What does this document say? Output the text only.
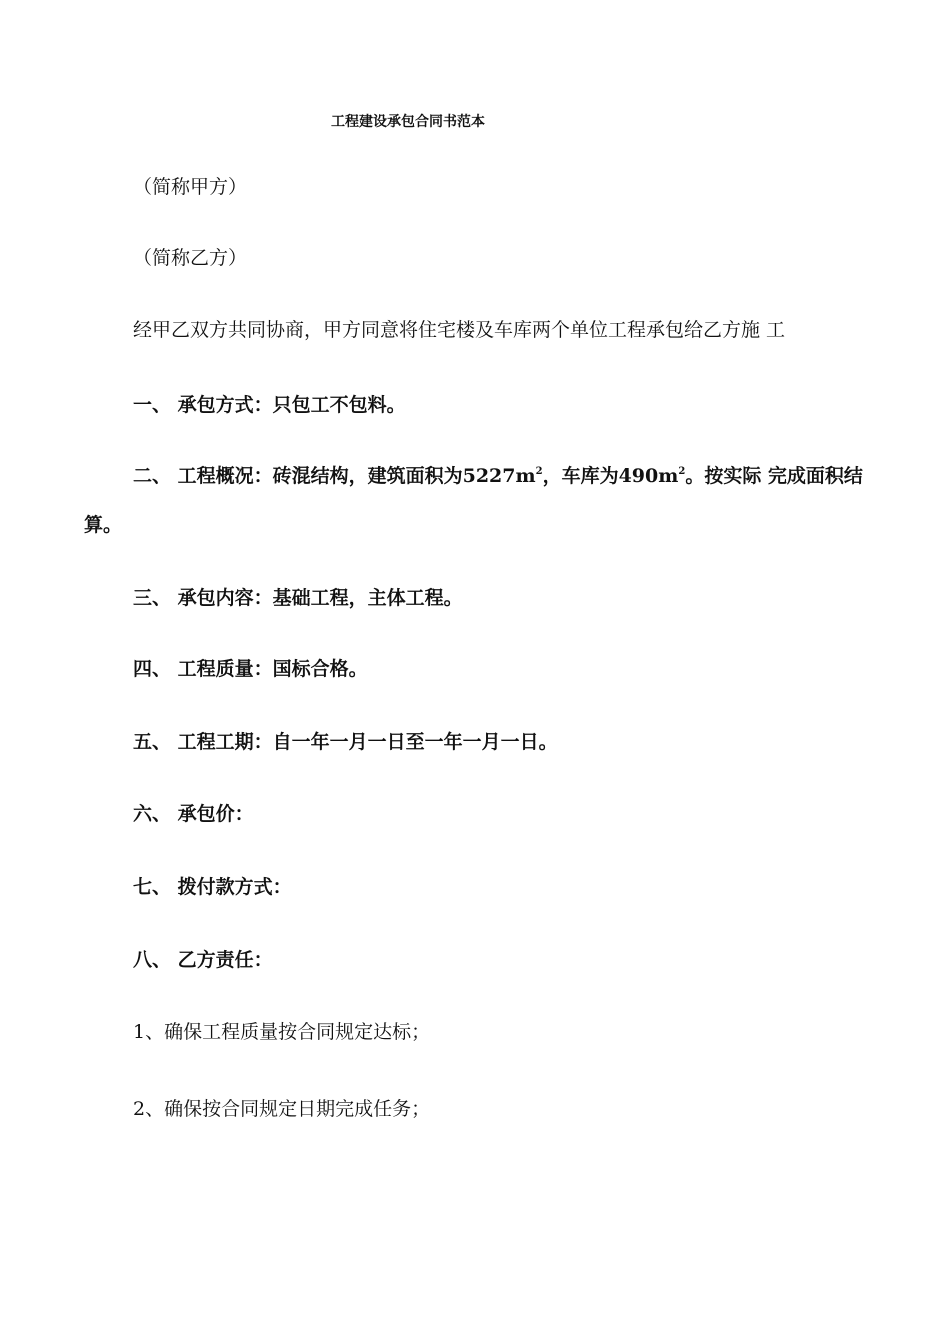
工程建设承包合同书范本
（简称甲方）
（简称乙方）
经甲乙双方共同协商，甲方同意将住宅楼及车库两个单位工程承包给乙方施 工
一、 承包方式：只包工不包料。
二、 工程概况：砖混结构，建筑面积为$5227m^2$，车库为$490m^2$。按实际 完成面积结
算。
三、 承包内容：基础工程，主体工程。
四、 工程质量：国标合格。
五、 工程工期：自一年一月一日至一年一月一日。
六、 承包价：
七、 拨付款方式：
八、 乙方责任：
1、确保工程质量按合同规定达标；
2、确保按合同规定日期完成任务；
